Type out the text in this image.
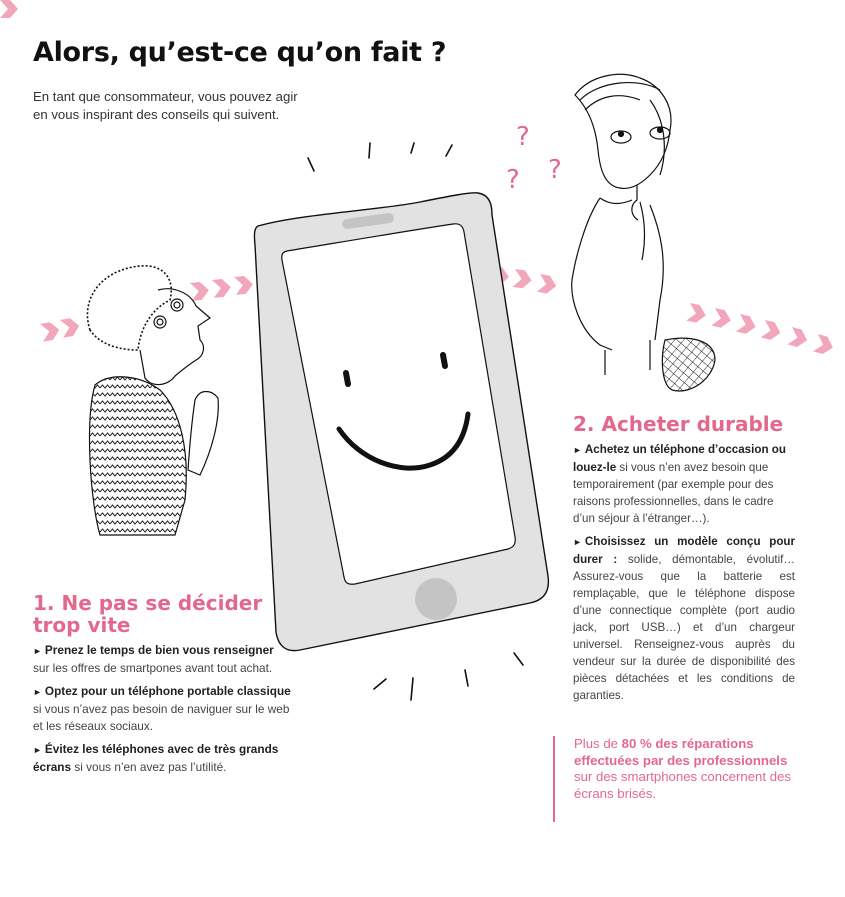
?
? ?
Alors, qu’est-ce qu’on fait ?
En tant que consommateur, vous pouvez agir
en vous inspirant des conseils qui suivent.
1. Ne pas se décider
trop vite
► Prenez le temps de bien vous renseigner sur les offres de smartpones avant tout achat.
► Optez pour un téléphone portable classique si vous n’avez pas besoin de naviguer sur le web et les réseaux sociaux.
► Évitez les téléphones avec de très grands écrans si vous n’en avez pas l’utilité.
2. Acheter durable
► Achetez un téléphone d’occasion ou louez-le si vous n’en avez besoin que temporairement (par exemple pour des raisons professionnelles, dans le cadre d’un séjour à l’étranger…).
► Choisissez un modèle conçu pour durer : solide, démontable, évolutif… Assurez-vous que la batterie est remplaçable, que le téléphone dispose d’une connectique complète (port audio jack, port USB…) et d’un chargeur universel. Renseignez-vous auprès du vendeur sur la durée de disponibilité des pièces détachées et les conditions de garanties.
Plus de 80 % des réparations effectuées par des professionnels sur des smartphones concernent des écrans brisés.
